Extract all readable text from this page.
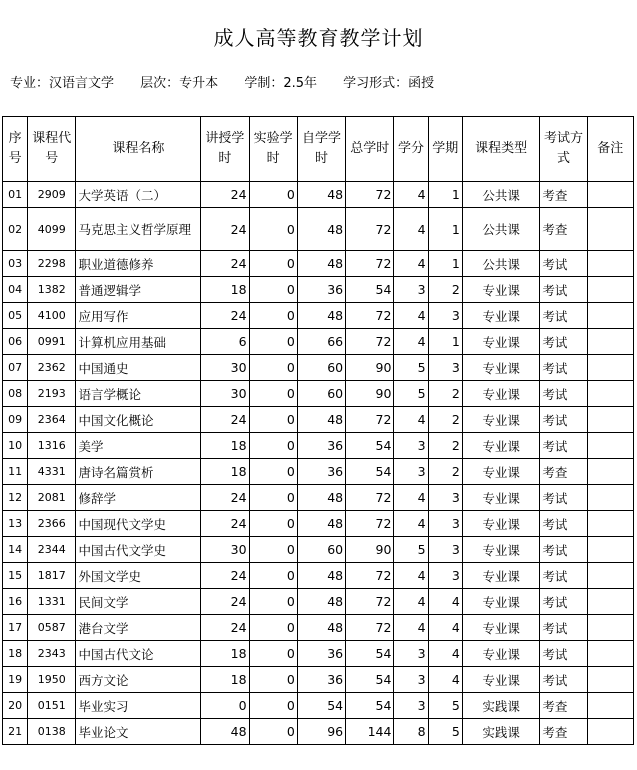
成人高等教育教学计划
专业：汉语言文学 层次：专升本 学制：2.5年 学习形式：函授
序号	课程代号	课程名称	讲授学时	实验学时	自学学时	总学时	学分	学期	课程类型	考试方式	备注
01	2909	大学英语（二）	24	0	48	72	4	1	公共课	考查	
02	4099	马克思主义哲学原理	24	0	48	72	4	1	公共课	考查	
03	2298	职业道德修养	24	0	48	72	4	1	公共课	考试	
04	1382	普通逻辑学	18	0	36	54	3	2	专业课	考试	
05	4100	应用写作	24	0	48	72	4	3	专业课	考试	
06	0991	计算机应用基础	6	0	66	72	4	1	专业课	考试	
07	2362	中国通史	30	0	60	90	5	3	专业课	考试	
08	2193	语言学概论	30	0	60	90	5	2	专业课	考试	
09	2364	中国文化概论	24	0	48	72	4	2	专业课	考试	
10	1316	美学	18	0	36	54	3	2	专业课	考试	
11	4331	唐诗名篇赏析	18	0	36	54	3	2	专业课	考查	
12	2081	修辞学	24	0	48	72	4	3	专业课	考试	
13	2366	中国现代文学史	24	0	48	72	4	3	专业课	考试	
14	2344	中国古代文学史	30	0	60	90	5	3	专业课	考试	
15	1817	外国文学史	24	0	48	72	4	3	专业课	考试	
16	1331	民间文学	24	0	48	72	4	4	专业课	考试	
17	0587	港台文学	24	0	48	72	4	4	专业课	考试	
18	2343	中国古代文论	18	0	36	54	3	4	专业课	考试	
19	1950	西方文论	18	0	36	54	3	4	专业课	考试	
20	0151	毕业实习	0	0	54	54	3	5	实践课	考查	
21	0138	毕业论文	48	0	96	144	8	5	实践课	考查	
